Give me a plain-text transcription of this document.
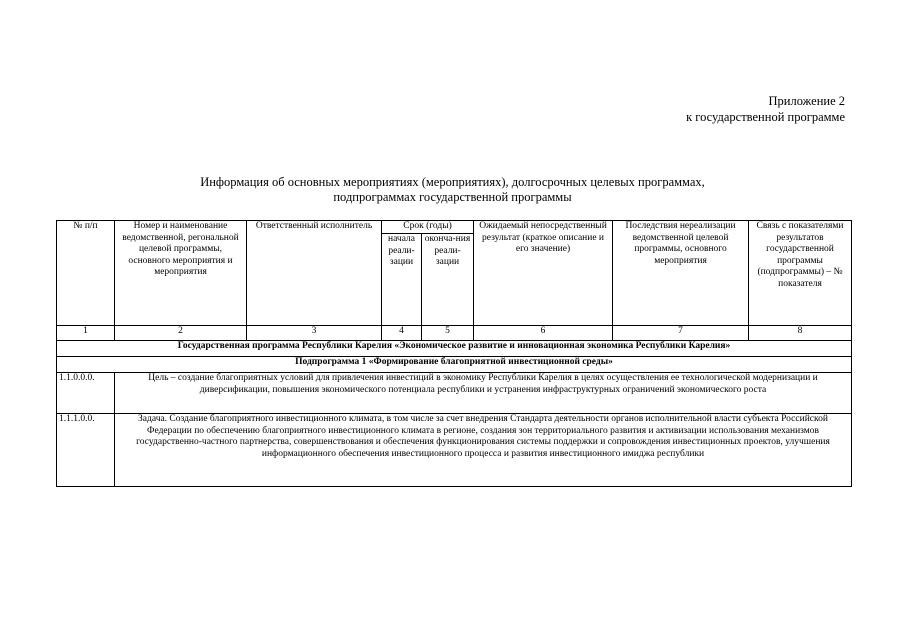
Приложение 2
к государственной программе
Информация об основных мероприятиях (мероприятиях), долгосрочных целевых программах,
подпрограммах государственной программы
№ п/п	Номер и наименование ведомственной, регональной целевой программы, основного мероприятия и мероприятия	Ответственный исполнитель	Срок (годы)		Ожидаемый непосредственный результат (краткое описание и его значение)	Последствия нереализации ведомственной целевой программы, основного мероприятия	Связь с показателями результатов государственной программы (подпрограммы) – № показателя
			начала реали-зации	оконча-ния реали-зации			
1	2	3	4	5	6	7	8
Государственная программа Республики Карелия «Экономическое развитие и инновационная экономика Республики Карелия»							
Подпрограмма 1 «Формирование благоприятной инвестиционной среды»							
1.1.0.0.0.	Цель – создание благоприятных условий для привлечения инвестиций в экономику Республики Карелия в целях осуществления ее технологической модернизации и диверсификации, повышения экономического потенциала республики и устранения инфраструктурных ограничений экономического роста						
1.1.1.0.0.	Задача. Создание благоприятного инвестиционного климата, в том числе за счет внедрения Стандарта деятельности органов исполнительной власти субъекта Российской Федерации по обеспечению благоприятного инвестиционного климата в регионе, создания зон территориального развития и активизации использования механизмов государственно-частного партнерства, совершенствования и обеспечения функционирования системы поддержки и сопровождения инвестиционных проектов, улучшения информационного обеспечения инвестиционного процесса и развития инвестиционного имиджа республики						
